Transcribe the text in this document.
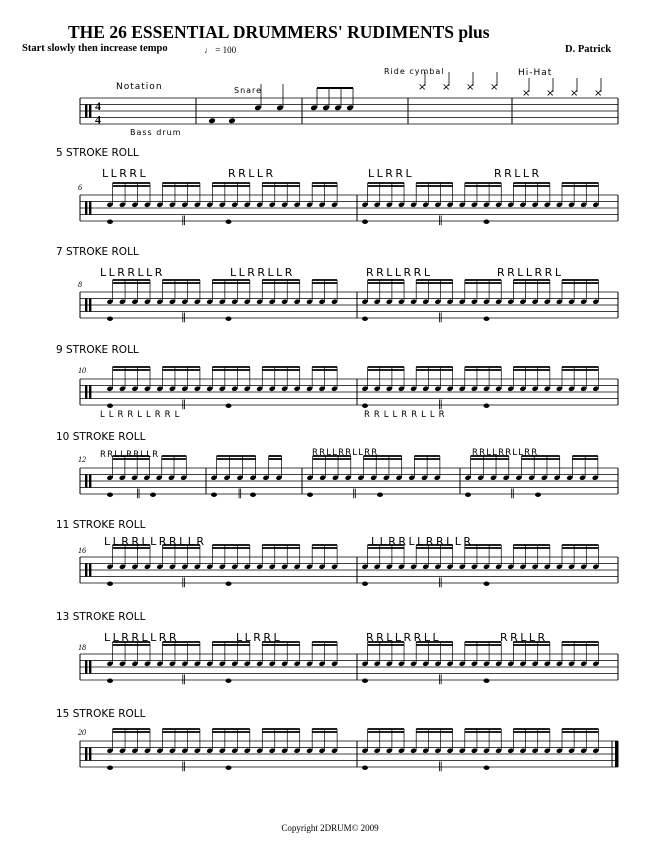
THE 26 ESSENTIAL DRUMMERS' RUDIMENTS plus
Start slowly then increase tempo	♩ = 100	D. Patrick
Notation	Snare
Ride cymbal	Hi-Hat
Bass drum
5 STROKE ROLL
7 STROKE ROLL
9 STROKE ROLL
10 STROKE ROLL
11 STROKE ROLL
13 STROKE ROLL
15 STROKE ROLL
6
8
10
12
16
18
20
LLRRL	RRLLR	LLRRL	RRLLR
LLRRLLR	LLRRLLR	RRLLRRL	RRLLRRL
LLRRLLRRL	RRLLRRLLR
RRLLRRLLR	RRLLRRLLRR	RRLLRRLLRR
LLRRLLRRLLR	LLRRLLRRLLR
LLRRLLRR	LLRRL	RRLLRRLL	RRLLR
4
4
× × × ×
× × × ×
‖	‖
‖	‖
‖	‖
‖	‖	‖	‖
‖	‖
‖	‖
‖	‖
Copyright 2DRUM© 2009
